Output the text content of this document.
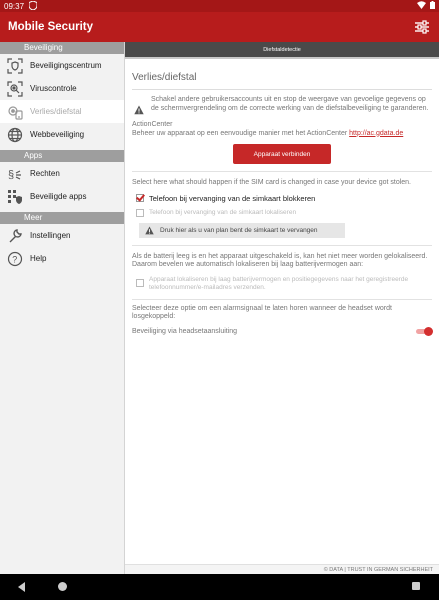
09:37
Mobile Security
Beveiliging
Beveiligingscentrum
Viruscontrole
Verlies/diefstal
Webbeveiliging
Apps
§ Rechten
Beveiligde apps
Meer
Instellingen
? Help
Diefstaldetectie
Verlies/diefstal
Schakel andere gebruikersaccounts uit en stop de weergave van gevoelige gegevens op de schermvergrendeling om de correcte werking van de diefstalbeveiliging te garanderen.
ActionCenter
Beheer uw apparaat op een eenvoudige manier met het ActionCenter http://ac.gdata.de
Apparaat verbinden
Select here what should happen if the SIM card is changed in case your device got stolen.
Telefoon bij vervanging van de simkaart blokkeren
Telefoon bij vervanging van de simkaart lokaliseren
Druk hier als u van plan bent de simkaart te vervangen
Als de batterij leeg is en het apparaat uitgeschakeld is, kan het niet meer worden gelokaliseerd. Daarom bevelen we automatisch lokaliseren bij laag batterijvermogen aan:
Apparaat lokaliseren bij laag batterijvermogen en positiegegevens naar het geregistreerde telefoonnummer/e-mailadres verzenden.
Selecteer deze optie om een alarmsignaal te laten horen wanneer de headset wordt losgekoppeld:
Beveiliging via headsetaansluiting
© DATA | TRUST IN GERMAN SICHERHEIT
